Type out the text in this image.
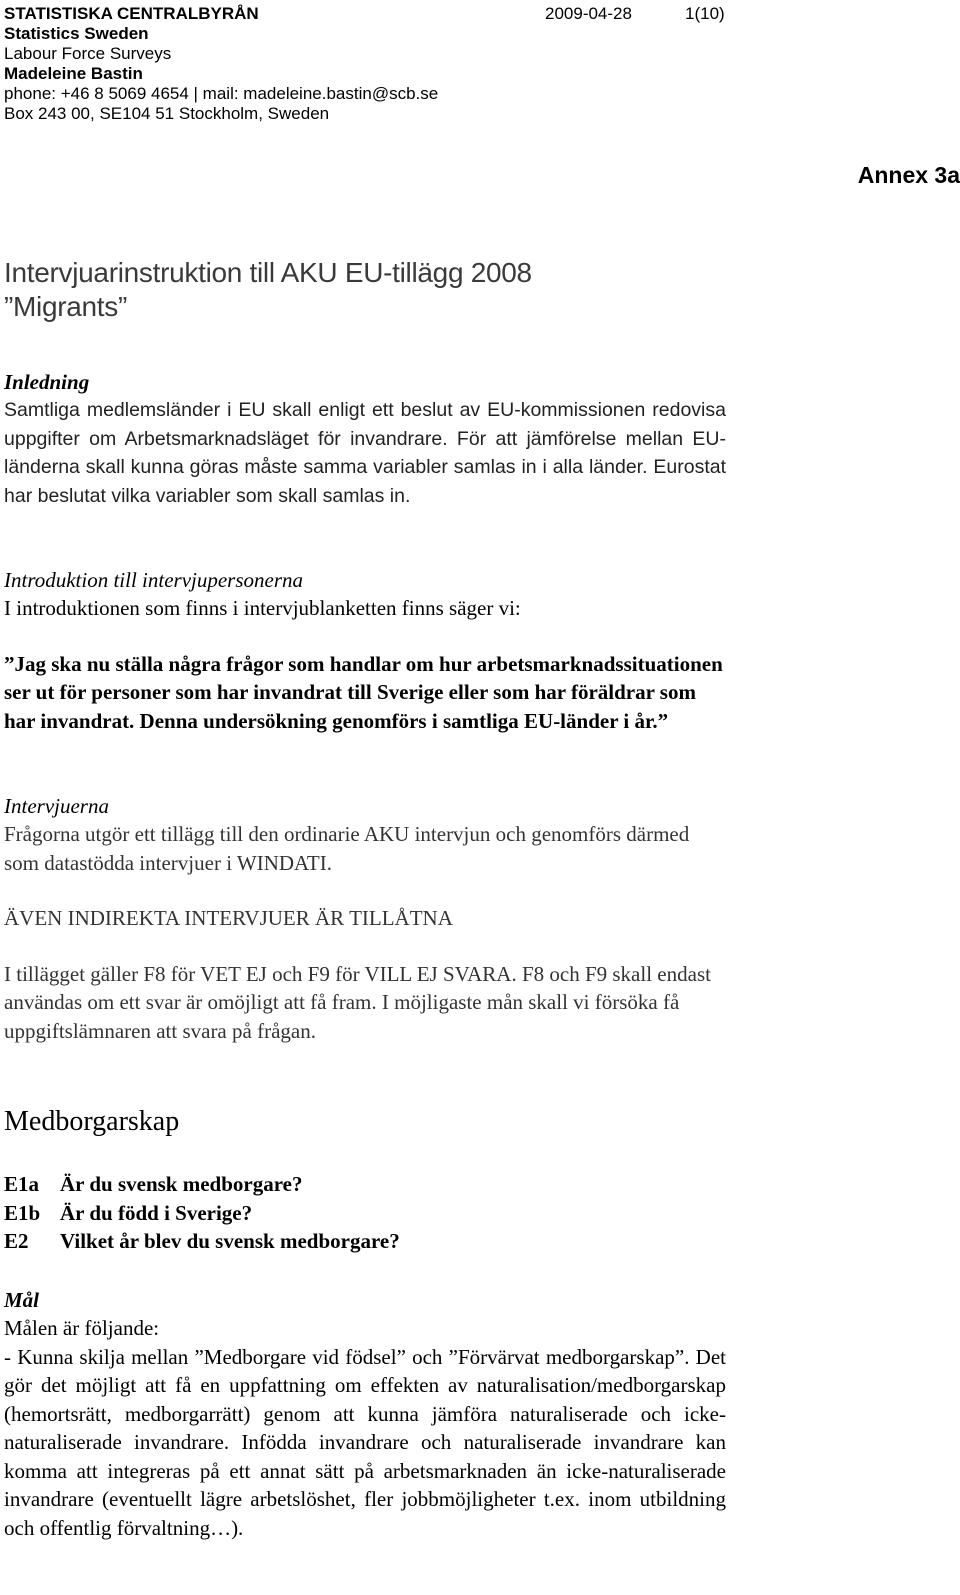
STATISTISKA CENTRALBYRÅN	2009-04-28	1(10)
Statistics Sweden
Labour Force Surveys
Madeleine Bastin
phone: +46 8 5069 4654 | mail: madeleine.bastin@scb.se
Box 243 00, SE104 51 Stockholm, Sweden
Annex 3a
Intervjuarinstruktion till AKU EU-tillägg 2008
”Migrants”
Inledning

Samtliga medlemsländer i EU skall enligt ett beslut av EU-kommissionen redovisa uppgifter om Arbetsmarknadsläget för invandrare. För att jämförelse mellan EU-länderna skall kunna göras måste samma variabler samlas in i alla länder. Eurostat har beslutat vilka variabler som skall samlas in.

Introduktion till intervjupersonerna

I introduktionen som finns i intervjublanketten finns säger vi:

”Jag ska nu ställa några frågor som handlar om hur arbetsmarknadssituationen ser ut för personer som har invandrat till Sverige eller som har föräldrar som har invandrat. Denna undersökning genomförs i samtliga EU-länder i år.”

Intervjuerna

Frågorna utgör ett tillägg till den ordinarie AKU intervjun och genomförs därmed som datastödda intervjuer i WINDATI.

ÄVEN INDIREKTA INTERVJUER ÄR TILLÅTNA

I tillägget gäller F8 för VET EJ och F9 för VILL EJ SVARA. F8 och F9 skall endast användas om ett svar är omöjligt att få fram. I möjligaste mån skall vi försöka få uppgiftslämnaren att svara på frågan.

Medborgarskap
E1a Är du svensk medborgare?
E1b Är du född i Sverige?
E2 Vilket år blev du svensk medborgare?
Mål

Målen är följande:

- Kunna skilja mellan ”Medborgare vid födsel” och ”Förvärvat medborgarskap”. Det gör det möjligt att få en uppfattning om effekten av naturalisation/medborgarskap (hemortsrätt, medborgarrätt) genom att kunna jämföra naturaliserade och icke-naturaliserade invandrare. Infödda invandrare och naturaliserade invandrare kan komma att integreras på ett annat sätt på arbetsmarknaden än icke-naturaliserade invandrare (eventuellt lägre arbetslöshet, fler jobbmöjligheter t.ex. inom utbildning och offentlig förvaltning…).
